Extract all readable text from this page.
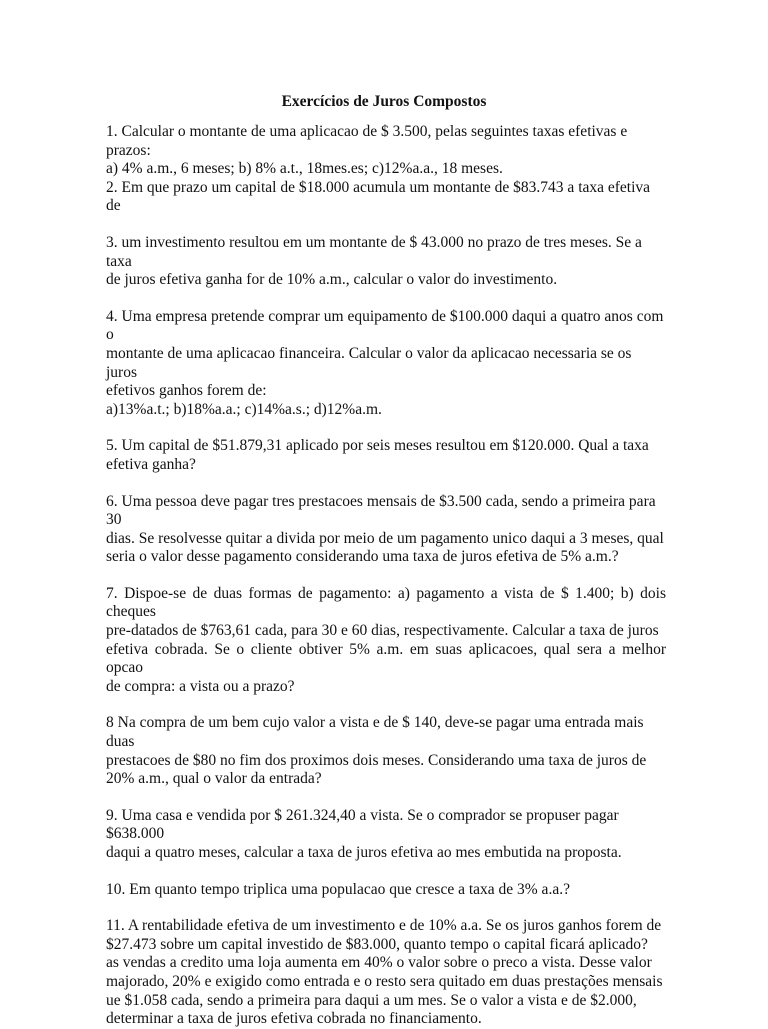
Exercícios de Juros Compostos

1. Calcular o montante de uma aplicacao de $ 3.500, pelas seguintes taxas efetivas e
prazos:
a) 4% a.m., 6 meses; b) 8% a.t., 18mes.es; c)12%a.a., 18 meses.

2. Em que prazo um capital de $18.000 acumula um montante de $83.743 a taxa efetiva de

3. um investimento resultou em um montante de $ 43.000 no prazo de tres meses. Se a taxa
de juros efetiva ganha for de 10% a.m., calcular o valor do investimento.

4. Uma empresa pretende comprar um equipamento de $100.000 daqui a quatro anos com o
montante de uma aplicacao financeira. Calcular o valor da aplicacao necessaria se os juros
efetivos ganhos forem de:
a)13%a.t.; b)18%a.a.; c)14%a.s.; d)12%a.m.

5. Um capital de $51.879,31 aplicado por seis meses resultou em $120.000. Qual a taxa
efetiva ganha?

6. Uma pessoa deve pagar tres prestacoes mensais de $3.500 cada, sendo a primeira para 30
dias. Se resolvesse quitar a divida por meio de um pagamento unico daqui a 3 meses, qual
seria o valor desse pagamento considerando uma taxa de juros efetiva de 5% a.m.?

7. Dispoe-se de duas formas de pagamento: a) pagamento a vista de $ 1.400; b) dois cheques
pre-datados de $763,61 cada, para 30 e 60 dias, respectivamente. Calcular a taxa de juros
efetiva cobrada. Se o cliente obtiver 5% a.m. em suas aplicacoes, qual sera a melhor opcao
de compra: a vista ou a prazo?

8 Na compra de um bem cujo valor a vista e de $ 140, deve-se pagar uma entrada mais duas
prestacoes de $80 no fim dos proximos dois meses. Considerando uma taxa de juros de
20% a.m., qual o valor da entrada?

9. Uma casa e vendida por $ 261.324,40 a vista. Se o comprador se propuser pagar $638.000
daqui a quatro meses, calcular a taxa de juros efetiva ao mes embutida na proposta.

10. Em quanto tempo triplica uma populacao que cresce a taxa de 3% a.a.?

11. A rentabilidade efetiva de um investimento e de 10% a.a. Se os juros ganhos forem de
$27.473 sobre um capital investido de $83.000, quanto tempo o capital ficará aplicado?
as vendas a credito uma loja aumenta em 40% o valor sobre o preco a vista. Desse valor
majorado, 20% e exigido como entrada e o resto sera quitado em duas prestações mensais
ue $1.058 cada, sendo a primeira para daqui a um mes. Se o valor a vista e de $2.000,
determinar a taxa de juros efetiva cobrada no financiamento.
